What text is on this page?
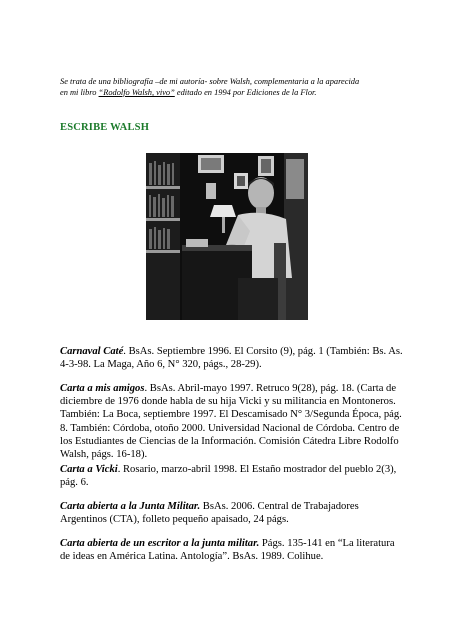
Se trata de una bibliografía –de mi autoría- sobre Walsh, complementaria a la aparecida
en mi libro “Rodolfo Walsh, vivo” editado en 1994 por Ediciones de la Flor.
ESCRIBE WALSH
Carnaval Caté. BsAs. Septiembre 1996. El Corsito (9), pág. 1 (También: Bs. As. 4-3-98. La Maga, Año 6, N° 320, págs., 28-29).
Carta a mis amigos. BsAs. Abril-mayo 1997. Retruco 9(28), pág. 18. (Carta de diciembre de 1976 donde habla de su hija Vicki y su militancia en Montoneros. También: La Boca, septiembre 1997. El Descamisado N° 3/Segunda Época, pág. 8. También: Córdoba, otoño 2000. Universidad Nacional de Córdoba. Centro de los Estudiantes de Ciencias de la Información. Comisión Cátedra Libre Rodolfo Walsh, págs. 16-18).
Carta a Vicki. Rosario, marzo-abril 1998. El Estaño mostrador del pueblo 2(3), pág. 6.
Carta abierta a la Junta Militar. BsAs. 2006. Central de Trabajadores Argentinos (CTA), folleto pequeño apaisado, 24 págs.
Carta abierta de un escritor a la junta militar. Págs. 135-141 en “La literatura de ideas en América Latina. Antología”. BsAs. 1989. Colihue.
